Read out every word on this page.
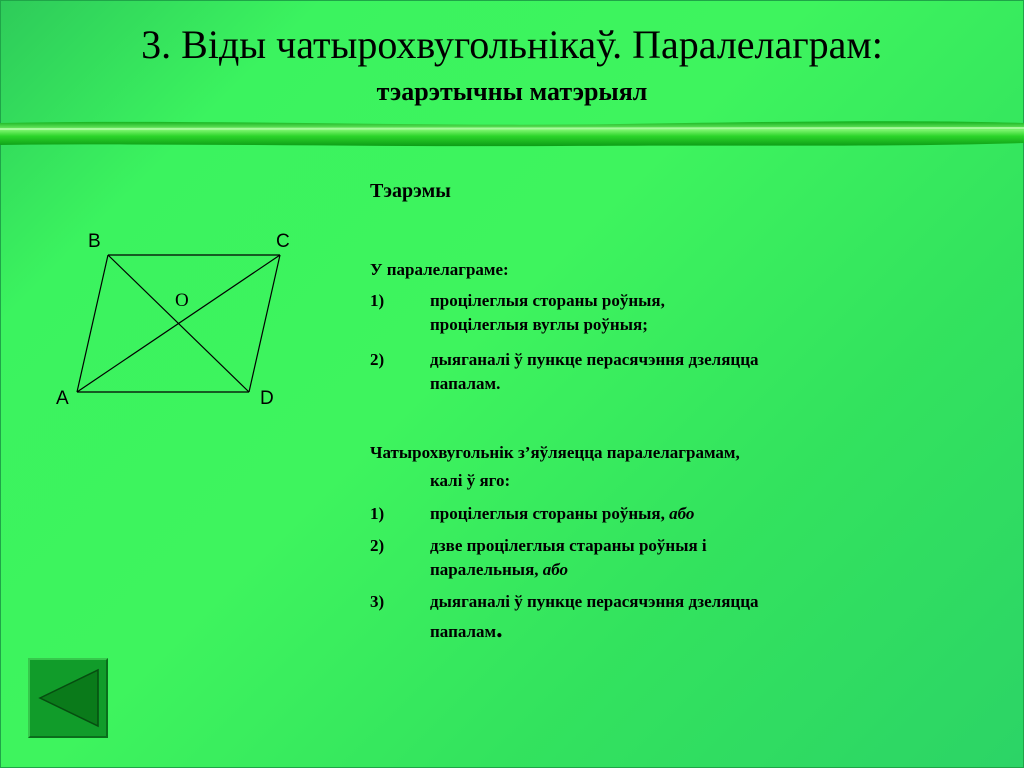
3. Віды чатырохвугольнікаў. Паралелаграм:
тэарэтычны матэрыял
B	C
A	D
O
Тэарэмы
У паралелаграме:
1)	процілеглыя стораны роўныя,
процілеглыя вуглы роўныя;
2)	дыяганалі ў пункце перасячэння дзеляцца
папалам.
Чатырохвугольнік з’яўляецца паралелаграмам,
калі ў яго:
1)	процілеглыя стораны роўныя, або
2)	дзве процілеглыя стараны роўныя і
паралельныя, або
3)	дыяганалі ў пункце перасячэння дзеляцца
папалам.
